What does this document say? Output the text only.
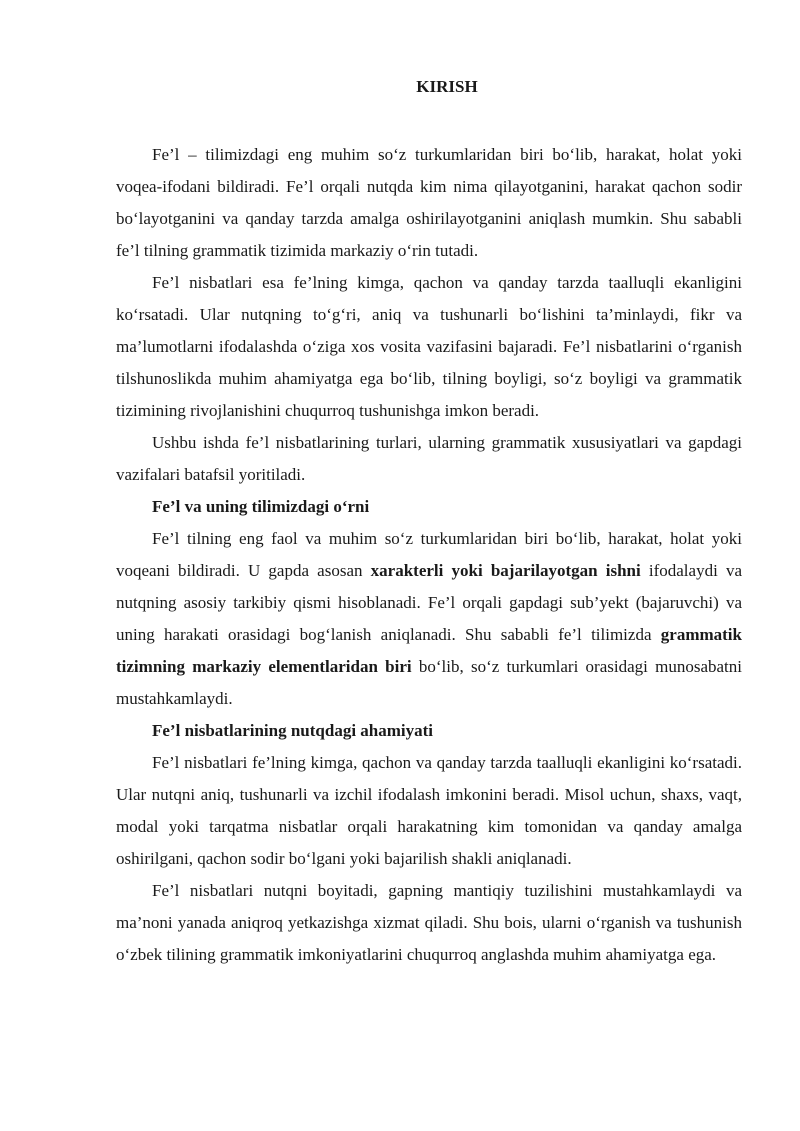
KIRISH

Fe’l – tilimizdagi eng muhim so‘z turkumlaridan biri bo‘lib, harakat, holat yoki voqea-ifodani bildiradi. Fe’l orqali nutqda kim nima qilayotganini, harakat qachon sodir bo‘layotganini va qanday tarzda amalga oshirilayotganini aniqlash mumkin. Shu sababli fe’l tilning grammatik tizimida markaziy o‘rin tutadi.

Fe’l nisbatlari esa fe’lning kimga, qachon va qanday tarzda taalluqli ekanligini ko‘rsatadi. Ular nutqning to‘g‘ri, aniq va tushunarli bo‘lishini ta’minlaydi, fikr va ma’lumotlarni ifodalashda o‘ziga xos vosita vazifasini bajaradi. Fe’l nisbatlarini o‘rganish tilshunoslikda muhim ahamiyatga ega bo‘lib, tilning boyligi, so‘z boyligi va grammatik tizimining rivojlanishini chuqurroq tushunishga imkon beradi.

Ushbu ishda fe’l nisbatlarining turlari, ularning grammatik xususiyatlari va gapdagi vazifalari batafsil yoritiladi.

Fe’l va uning tilimizdagi o‘rni

Fe’l tilning eng faol va muhim so‘z turkumlaridan biri bo‘lib, harakat, holat yoki voqeani bildiradi. U gapda asosan xarakterli yoki bajarilayotgan ishni ifodalaydi va nutqning asosiy tarkibiy qismi hisoblanadi. Fe’l orqali gapdagi sub’yekt (bajaruvchi) va uning harakati orasidagi bog‘lanish aniqlanadi. Shu sababli fe’l tilimizda grammatik tizimning markaziy elementlaridan biri bo‘lib, so‘z turkumlari orasidagi munosabatni mustahkamlaydi.

Fe’l nisbatlarining nutqdagi ahamiyati

Fe’l nisbatlari fe’lning kimga, qachon va qanday tarzda taalluqli ekanligini ko‘rsatadi. Ular nutqni aniq, tushunarli va izchil ifodalash imkonini beradi. Misol uchun, shaxs, vaqt, modal yoki tarqatma nisbatlar orqali harakatning kim tomonidan va qanday amalga oshirilgani, qachon sodir bo‘lgani yoki bajarilish shakli aniqlanadi.

Fe’l nisbatlari nutqni boyitadi, gapning mantiqiy tuzilishini mustahkamlaydi va ma’noni yanada aniqroq yetkazishga xizmat qiladi. Shu bois, ularni o‘rganish va tushunish o‘zbek tilining grammatik imkoniyatlarini chuqurroq anglashda muhim ahamiyatga ega.
